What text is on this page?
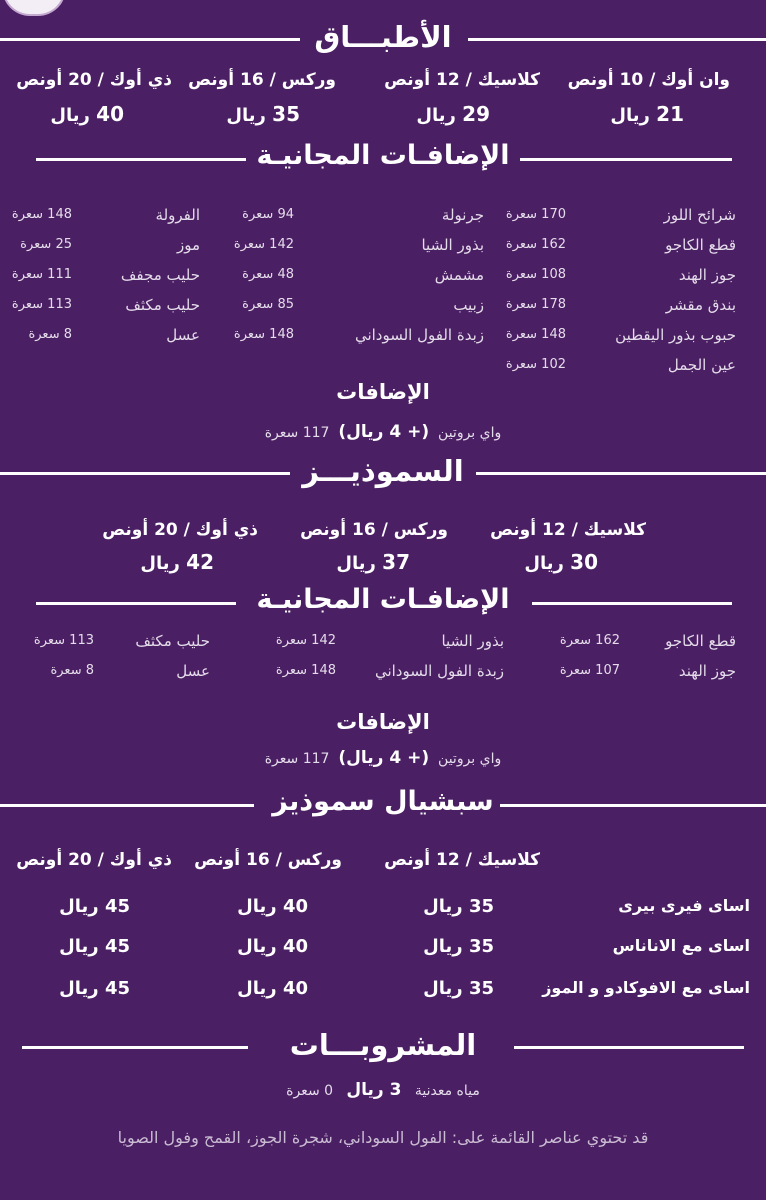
الأطبـــاق
وان أوك / 10 أونص
كلاسيك / 12 أونص
وركس / 16 أونص
ذي أوك / 20 أونص
21 ريال
29 ريال
35 ريال
40 ريال
الإضافـات المجانيـة
شرائح اللوز
170 سعرة
قطع الكاجو
162 سعرة
جوز الهند
108 سعرة
بندق مقشر
178 سعرة
حبوب بذور اليقطين
148 سعرة
عين الجمل
102 سعرة
جرنولة
94 سعرة
بذور الشيا
142 سعرة
مشمش
48 سعرة
زبيب
85 سعرة
زبدة الفول السوداني
148 سعرة
الفرولة
148 سعرة
موز
25 سعرة
حليب مجفف
111 سعرة
حليب مكثف
113 سعرة
عسل
8 سعرة
الإضافات
واي بروتين  (+ 4 ريال)  117 سعرة
السموذيـــز
كلاسيك / 12 أونص
وركس / 16 أونص
ذي أوك / 20 أونص
30 ريال
37 ريال
42 ريال
الإضافـات المجانيـة
قطع الكاجو
162 سعرة
جوز الهند
107 سعرة
بذور الشيا
142 سعرة
زبدة الفول السوداني
148 سعرة
حليب مكثف
113 سعرة
عسل
8 سعرة
الإضافات
واي بروتين  (+ 4 ريال)  117 سعرة
سبشيال سموذيز
كلاسيك / 12 أونص
وركس / 16 أونص
ذي أوك / 20 أونص
اساى فيرى بيرى
35 ريال
40 ريال
45 ريال
اساى مع الاناناس
35 ريال
40 ريال
45 ريال
اساى مع الافوكادو و الموز
35 ريال
40 ريال
45 ريال
المشروبـــات
مياه معدنية   3 ريال   0 سعرة
قد تحتوي عناصر القائمة على: الفول السوداني، شجرة الجوز، القمح وفول الصويا
